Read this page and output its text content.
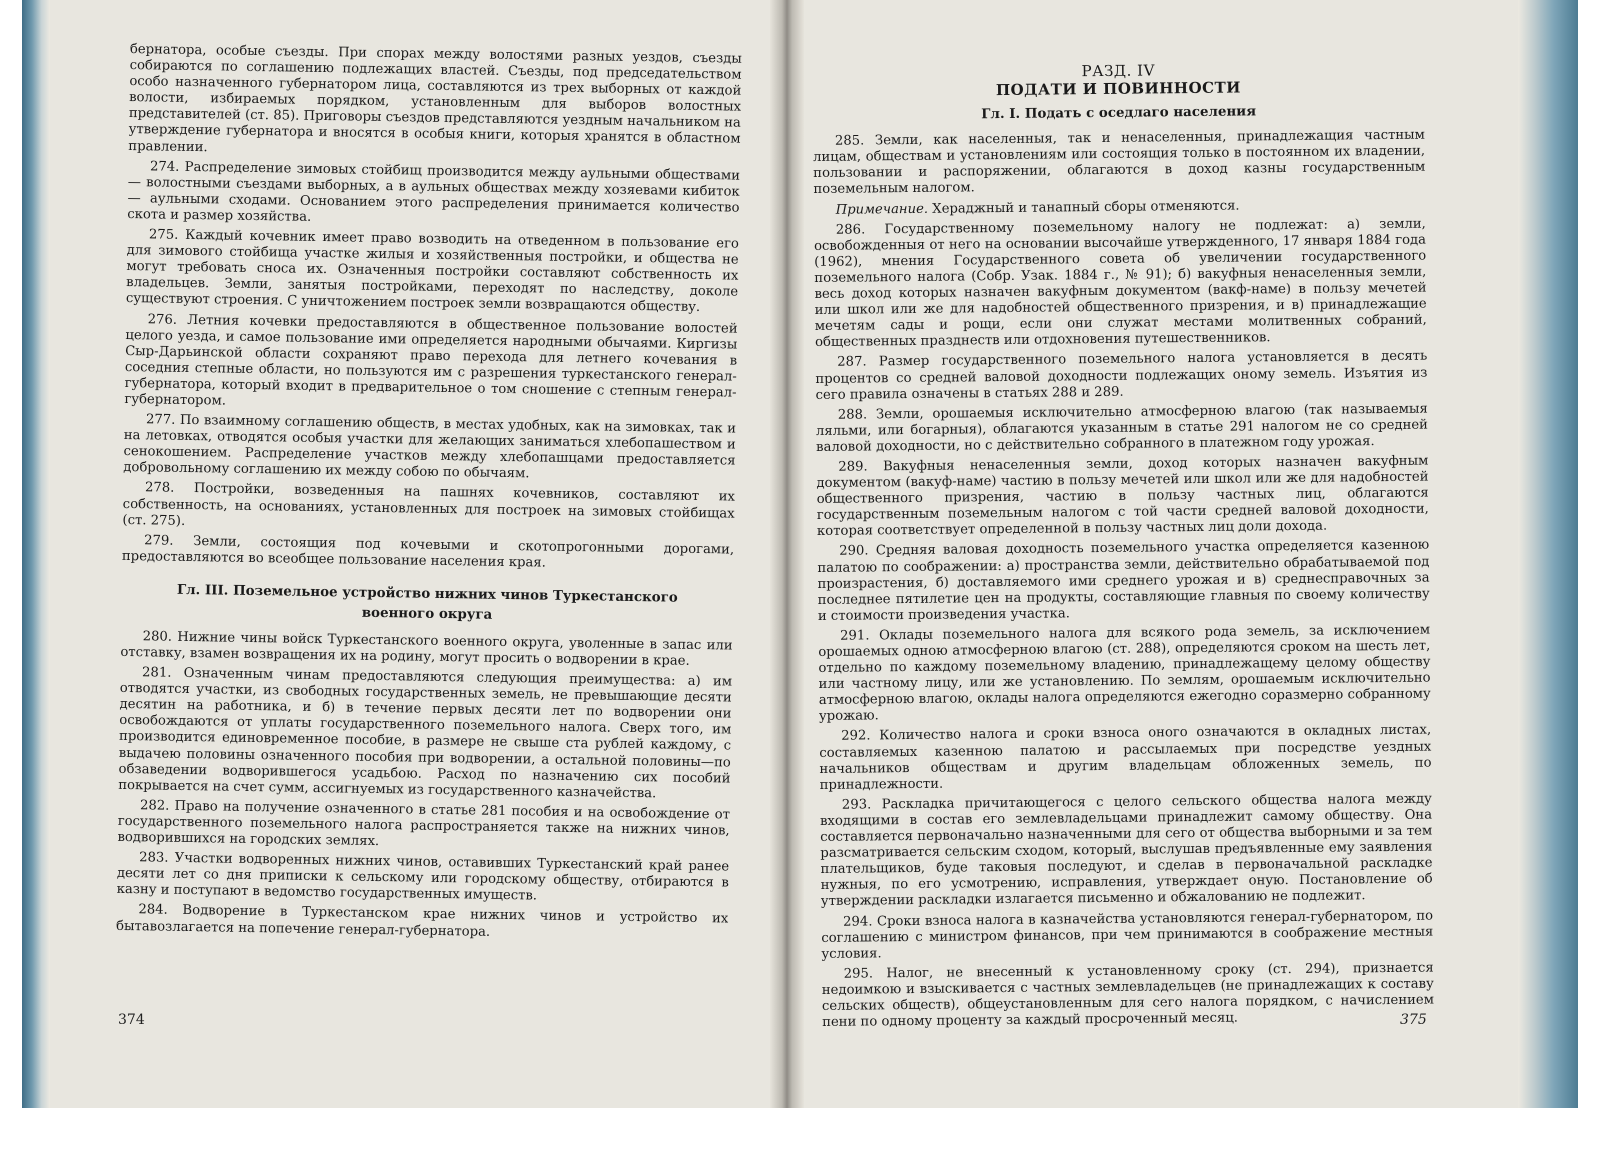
бернатора, особые съезды. При спорах между волостями разных уездов, съезды собираются по соглашению подлежащих властей. Съезды, под председательством особо назначенного губернатором лица, составляются из трех выборных от каждой волости, избираемых порядком, установленным для выборов волостных представителей (ст. 85). Приговоры съездов представляются уездным начальником на утверждение губернатора и вносятся в особыя книги, которыя хранятся в областном правлении.

274. Распределение зимовых стойбищ производится между аульными обществами — волостными съездами выборных, а в аульных обществах между хозяевами кибиток — аульными сходами. Основанием этого распределения принимается количество скота и размер хозяйства.

275. Каждый кочевник имеет право возводить на отведенном в пользование его для зимового стойбища участке жилыя и хозяйственныя постройки, и общества не могут требовать сноса их. Означенныя постройки составляют собственность их владельцев. Земли, занятыя постройками, переходят по наследству, доколе существуют строения. С уничтожением построек земли возвращаются обществу.

276. Летния кочевки предоставляются в общественное пользование волостей целого уезда, и самое пользование ими определяется народными обычаями. Киргизы Сыр-Дарьинской области сохраняют право перехода для летнего кочевания в соседния степные области, но пользуются им с разрешения туркестанского генерал-губернатора, который входит в предварительное о том сношение с степным генерал-губернатором.

277. По взаимному соглашению обществ, в местах удобных, как на зимовках, так и на летовках, отводятся особыя участки для желающих заниматься хлебопашеством и сенокошением. Распределение участков между хлебопашцами предоставляется добровольному соглашению их между собою по обычаям.

278. Постройки, возведенныя на пашнях кочевников, составляют их собственность, на основаниях, установленных для построек на зимовых стойбищах (ст. 275).

279. Земли, состоящия под кочевыми и скотопрогонными дорогами, предоставляются во всеобщее пользование населения края.

Гл. III. Поземельное устройство нижних чинов Туркестанского военного округа

280. Нижние чины войск Туркестанского военного округа, уволенные в запас или отставку, взамен возвращения их на родину, могут просить о водворении в крае.

281. Означенным чинам предоставляются следующия преимущества: а) им отводятся участки, из свободных государственных земель, не превышающие десяти десятин на работника, и б) в течение первых десяти лет по водворении они освобождаются от уплаты государственного поземельного налога. Сверх того, им производится единовременное пособие, в размере не свыше ста рублей каждому, с выдачею половины означенного пособия при водворении, а остальной половины—по обзаведении водворившегося усадьбою. Расход по назначению сих пособий покрывается на счет сумм, ассигнуемых из государственного казначейства.

282. Право на получение означенного в статье 281 пособия и на освобождение от государственного поземельного налога распространяется также на нижних чинов, водворившихся на городских землях.

283. Участки водворенных нижних чинов, оставивших Туркестанский край ранее десяти лет со дня приписки к сельскому или городскому обществу, отбираются в казну и поступают в ведомство государственных имуществ.

284. Водворение в Туркестанском крае нижних чинов и устройство их бытавозлагается на попечение генерал-губернатора.

374
РАЗД. IV
ПОДАТИ И ПОВИННОСТИ
Гл. I. Подать с оседлаго населения

285. Земли, как населенныя, так и ненаселенныя, принадлежащия частным лицам, обществам и установлениям или состоящия только в постоянном их владении, пользовании и распоряжении, облагаются в доход казны государственным поземельным налогом.

Примечание. Хераджный и танапный сборы отменяются.

286. Государственному поземельному налогу не подлежат: а) земли, освобожденныя от него на основании высочайше утвержденного, 17 января 1884 года (1962), мнения Государственного совета об увеличении государственного поземельного налога (Собр. Узак. 1884 г., № 91); б) вакуфныя ненаселенныя земли, весь доход которых назначен вакуфным документом (вакф-наме) в пользу мечетей или школ или же для надобностей общественного призрения, и в) принадлежащие мечетям сады и рощи, если они служат местами молитвенных собраний, общественных празднеств или отдохновения путешественников.

287. Размер государственного поземельного налога установляется в десять процентов со средней валовой доходности подлежащих оному земель. Изъятия из сего правила означены в статьях 288 и 289.

288. Земли, орошаемыя исключительно атмосферною влагою (так называемыя ляльми, или богарныя), облагаются указанным в статье 291 налогом не со средней валовой доходности, но с действительно собранного в платежном году урожая.

289. Вакуфныя ненаселенныя земли, доход которых назначен вакуфным документом (вакуф-наме) частию в пользу мечетей или школ или же для надобностей общественного призрения, частию в пользу частных лиц, облагаются государственным поземельным налогом с той части средней валовой доходности, которая соответствует определенной в пользу частных лиц доли дохода.

290. Средняя валовая доходность поземельного участка определяется казенною палатою по соображении: а) пространства земли, действительно обрабатываемой под произрастения, б) доставляемого ими среднего урожая и в) среднесправочных за последнее пятилетие цен на продукты, составляющие главныя по своему количеству и стоимости произведения участка.

291. Оклады поземельного налога для всякого рода земель, за исключением орошаемых одною атмосферною влагою (ст. 288), определяются сроком на шесть лет, отдельно по каждому поземельному владению, принадлежащему целому обществу или частному лицу, или же установлению. По землям, орошаемым исключительно атмосферною влагою, оклады налога определяются ежегодно соразмерно собранному урожаю.

292. Количество налога и сроки взноса оного означаются в окладных листах, составляемых казенною палатою и рассылаемых при посредстве уездных начальников обществам и другим владельцам обложенных земель, по принадлежности.

293. Раскладка причитающегося с целого сельского общества налога между входящими в состав его землевладельцами принадлежит самому обществу. Она составляется первоначально назначенными для сего от общества выборными и за тем разсматривается сельским сходом, который, выслушав предъявленные ему заявления плательщиков, буде таковыя последуют, и сделав в первоначальной раскладке нужныя, по его усмотрению, исправления, утверждает оную. Постановление об утверждении раскладки излагается письменно и обжалованию не подлежит.

294. Сроки взноса налога в казначейства установляются генерал-губернатором, по соглашению с министром финансов, при чем принимаются в соображение местныя условия.

295. Налог, не внесенный к установленному сроку (ст. 294), признается недоимкою и взыскивается с частных землевладельцев (не принадлежащих к составу сельских обществ), общеустановленным для сего налога порядком, с начислением пени по одному проценту за каждый просроченный месяц.	375
